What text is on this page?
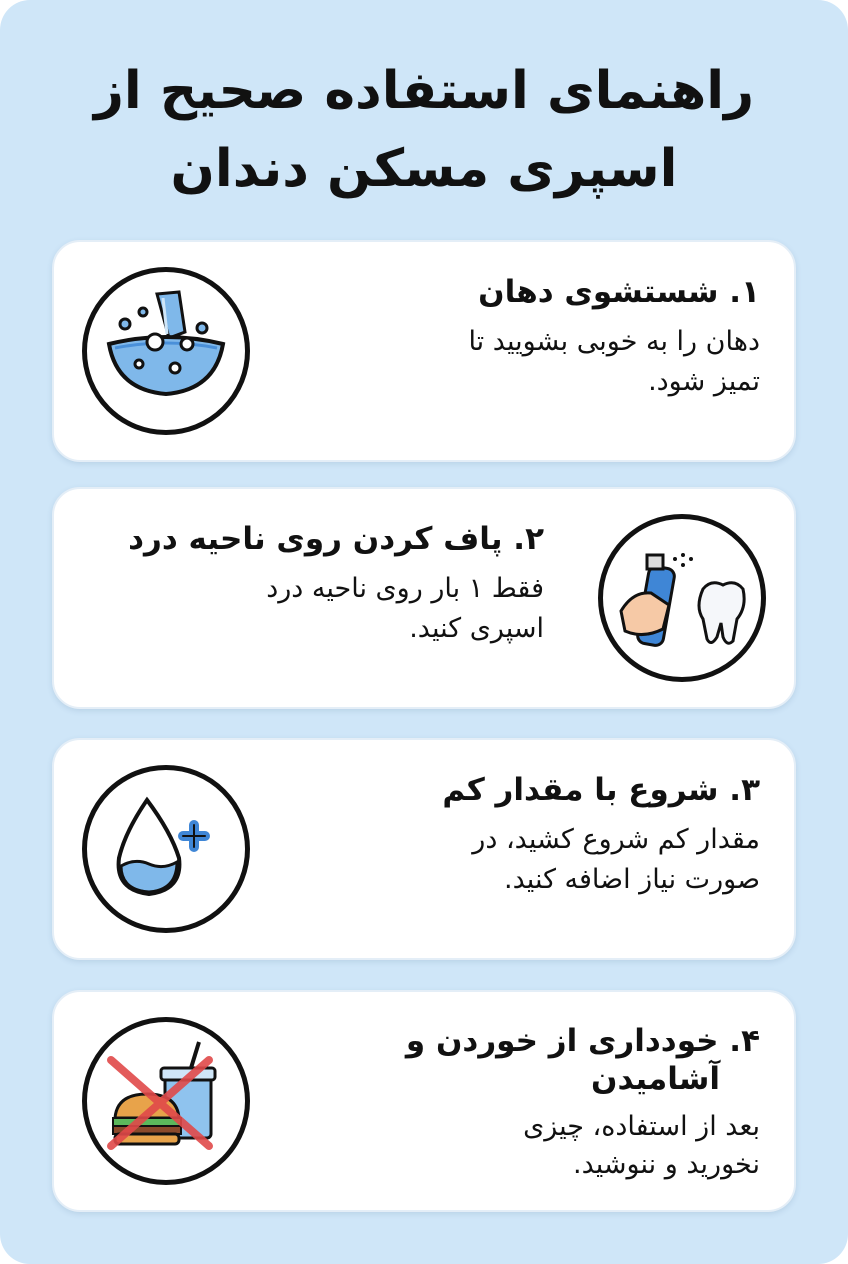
راهنمای استفاده صحیح از
اسپری مسکن دندان

۱. شستشوی دهان

دهان را به خوبی بشویید تا
تمیز شود.

۲. پاف کردن روی ناحیه درد

فقط ۱ بار روی ناحیه درد
اسپری کنید.

۳. شروع با مقدار کم

مقدار کم شروع کشید، در
صورت نیاز اضافه کنید.

۴. خودداری از خوردن و
آشامیدن

بعد از استفاده، چیزی
نخورید و ننوشید.
